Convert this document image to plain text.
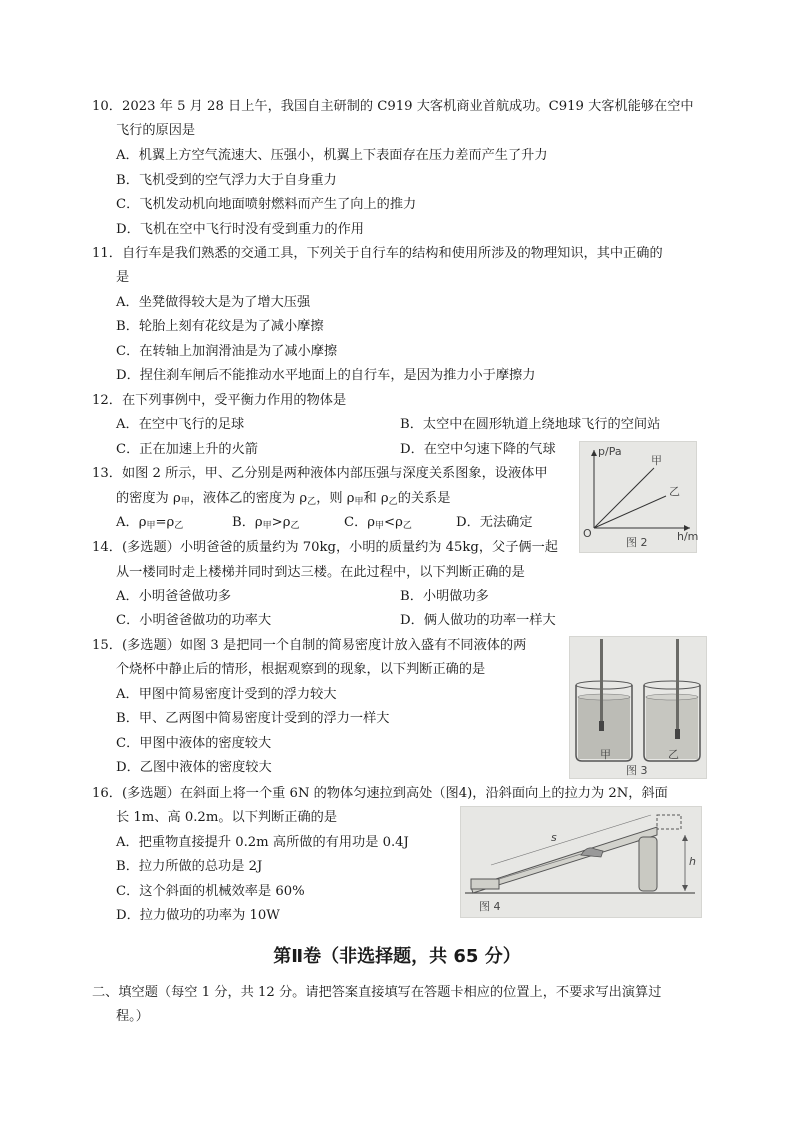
10．2023 年 5 月 28 日上午，我国自主研制的 C919 大客机商业首航成功。C919 大客机能够在空中
飞行的原因是
A．机翼上方空气流速大、压强小，机翼上下表面存在压力差而产生了升力
B．飞机受到的空气浮力大于自身重力
C．飞机发动机向地面喷射燃料而产生了向上的推力
D．飞机在空中飞行时没有受到重力的作用
11．自行车是我们熟悉的交通工具，下列关于自行车的结构和使用所涉及的物理知识，其中正确的
是
A．坐凳做得较大是为了增大压强
B．轮胎上刻有花纹是为了减小摩擦
C．在转轴上加润滑油是为了减小摩擦
D．捏住刹车闸后不能推动水平地面上的自行车，是因为推力小于摩擦力
12．在下列事例中，受平衡力作用的物体是
A．在空中飞行的足球	B．太空中在圆形轨道上绕地球飞行的空间站
C．正在加速上升的火箭	D．在空中匀速下降的气球
13．如图 2 所示，甲、乙分别是两种液体内部压强与深度关系图象，设液体甲
的密度为 $\rho_甲$，液体乙的密度为 $\rho_乙$，则 $\rho_甲$和 $\rho_乙$的关系是
A．$\rho_甲=\rho_乙$	B．$\rho_甲>\rho_乙$	C．$\rho_甲<\rho_乙$	D．无法确定
p/Pa
h/m
O
甲
乙
图 2
14．(多选题）小明爸爸的质量约为 70kg，小明的质量约为 45kg，父子俩一起
从一楼同时走上楼梯并同时到达三楼。在此过程中，以下判断正确的是
A．小明爸爸做功多	B．小明做功多
C．小明爸爸做功的功率大	D．俩人做功的功率一样大
15．(多选题）如图 3 是把同一个自制的简易密度计放入盛有不同液体的两
个烧杯中静止后的情形，根据观察到的现象，以下判断正确的是
A．甲图中简易密度计受到的浮力较大
B．甲、乙两图中简易密度计受到的浮力一样大
C．甲图中液体的密度较大
D．乙图中液体的密度较大
甲	乙
图 3
16．(多选题）在斜面上将一个重 6N 的物体匀速拉到高处（图4)，沿斜面向上的拉力为 2N，斜面
长 1m、高 0.2m。以下判断正确的是
A．把重物直接提升 0.2m 高所做的有用功是 0.4J
B．拉力所做的总功是 2J
C．这个斜面的机械效率是 60%
D．拉力做功的功率为 10W
s
h
图 4
第Ⅱ卷（非选择题，共 65 分）
二、填空题（每空 1 分，共 12 分。请把答案直接填写在答题卡相应的位置上，不要求写出演算过
程。）
